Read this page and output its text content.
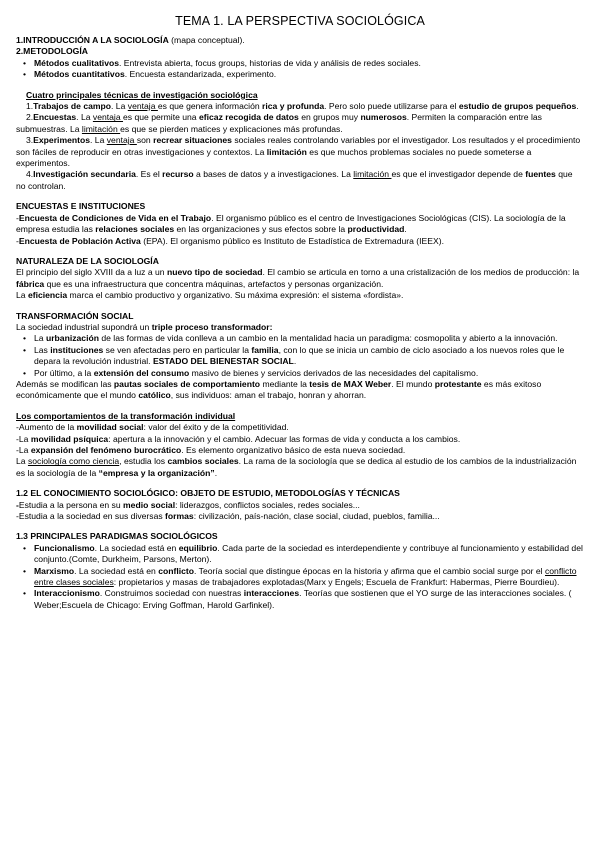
TEMA 1. LA PERSPECTIVA SOCIOLÓGICA

1.INTRODUCCIÓN A LA SOCIOLOGÍA (mapa conceptual).

2.METODOLOGÍA

• Métodos cualitativos. Entrevista abierta, focus groups, historias de vida y análisis de redes sociales.
• Métodos cuantitativos. Encuesta estandarizada, experimento.

Cuatro principales técnicas de investigación sociológica

1.Trabajos de campo. La ventaja es que genera información rica y profunda. Pero solo puede utilizarse para el estudio de grupos pequeños.

2.Encuestas. La ventaja es que permite una eficaz recogida de datos en grupos muy numerosos. Permiten la comparación entre las submuestras. La limitación es que se pierden matices y explicaciones más profundas.

3.Experimentos. La ventaja son recrear situaciones sociales reales controlando variables por el investigador. Los resultados y el procedimiento son fáciles de reproducir en otras investigaciones y contextos. La limitación es que muchos problemas sociales no puede someterse a experimentos.

4.Investigación secundaria. Es el recurso a bases de datos y a investigaciones. La limitación es que el investigador depende de fuentes que no controlan.

ENCUESTAS E INSTITUCIONES

-Encuesta de Condiciones de Vida en el Trabajo. El organismo público es el centro de Investigaciones Sociológicas (CIS). La sociología de la empresa estudia las relaciones sociales en las organizaciones y sus efectos sobre la productividad.

-Encuesta de Población Activa (EPA). El organismo público es Instituto de Estadística de Extremadura (IEEX).

NATURALEZA DE LA SOCIOLOGÍA

El principio del siglo XVIII da a luz a un nuevo tipo de sociedad. El cambio se articula en torno a una cristalización de los medios de producción: la fábrica que es una infraestructura que concentra máquinas, artefactos y personas organización.

La eficiencia marca el cambio productivo y organizativo. Su máxima expresión: el sistema «fordista».

TRANSFORMACIÓN SOCIAL

La sociedad industrial supondrá un triple proceso transformador:

• La urbanización de las formas de vida conlleva a un cambio en la mentalidad hacia un paradigma: cosmopolita y abierto a la innovación.
• Las instituciones se ven afectadas pero en particular la familia, con lo que se inicia un cambio de ciclo asociado a los nuevos roles que le depara la revolución industrial. ESTADO DEL BIENESTAR SOCIAL.
• Por último, a la extensión del consumo masivo de bienes y servicios derivados de las necesidades del capitalismo.

Además se modifican las pautas sociales de comportamiento mediante la tesis de MAX Weber. El mundo protestante es más exitoso económicamente que el mundo católico, sus individuos: aman el trabajo, honran y ahorran.

Los comportamientos de la transformación individual

-Aumento de la movilidad social: valor del éxito y de la competitividad.

-La movilidad psíquica: apertura a la innovación y el cambio. Adecuar las formas de vida y conducta a los cambios.

-La expansión del fenómeno burocrático. Es elemento organizativo básico de esta nueva sociedad.

La sociología como ciencia, estudia los cambios sociales. La rama de la sociología que se dedica al estudio de los cambios de la industrialización es la sociología de la “empresa y la organización”.

1.2 EL CONOCIMIENTO SOCIOLÓGICO: OBJETO DE ESTUDIO, METODOLOGÍAS Y TÉCNICAS

-Estudia a la persona en su medio social: liderazgos, conflictos sociales, redes sociales...

-Estudia a la sociedad en sus diversas formas: civilización, país-nación, clase social, ciudad, pueblos, familia...

1.3 PRINCIPALES PARADIGMAS SOCIOLÓGICOS

• Funcionalismo. La sociedad está en equilibrio. Cada parte de la sociedad es interdependiente y contribuye al funcionamiento y estabilidad del conjunto.(Comte, Durkheim, Parsons, Merton).
• Marxismo. La sociedad está en conflicto. Teoría social que distingue épocas en la historia y afirma que el cambio social surge por el conflicto entre clases sociales: propietarios y masas de trabajadores explotadas(Marx y Engels; Escuela de Frankfurt: Habermas, Pierre Bourdieu).
• Interaccionismo. Construimos sociedad con nuestras interacciones. Teorías que sostienen que el YO surge de las interacciones sociales. ( Weber;Escuela de Chicago: Erving Goffman, Harold Garfinkel).
